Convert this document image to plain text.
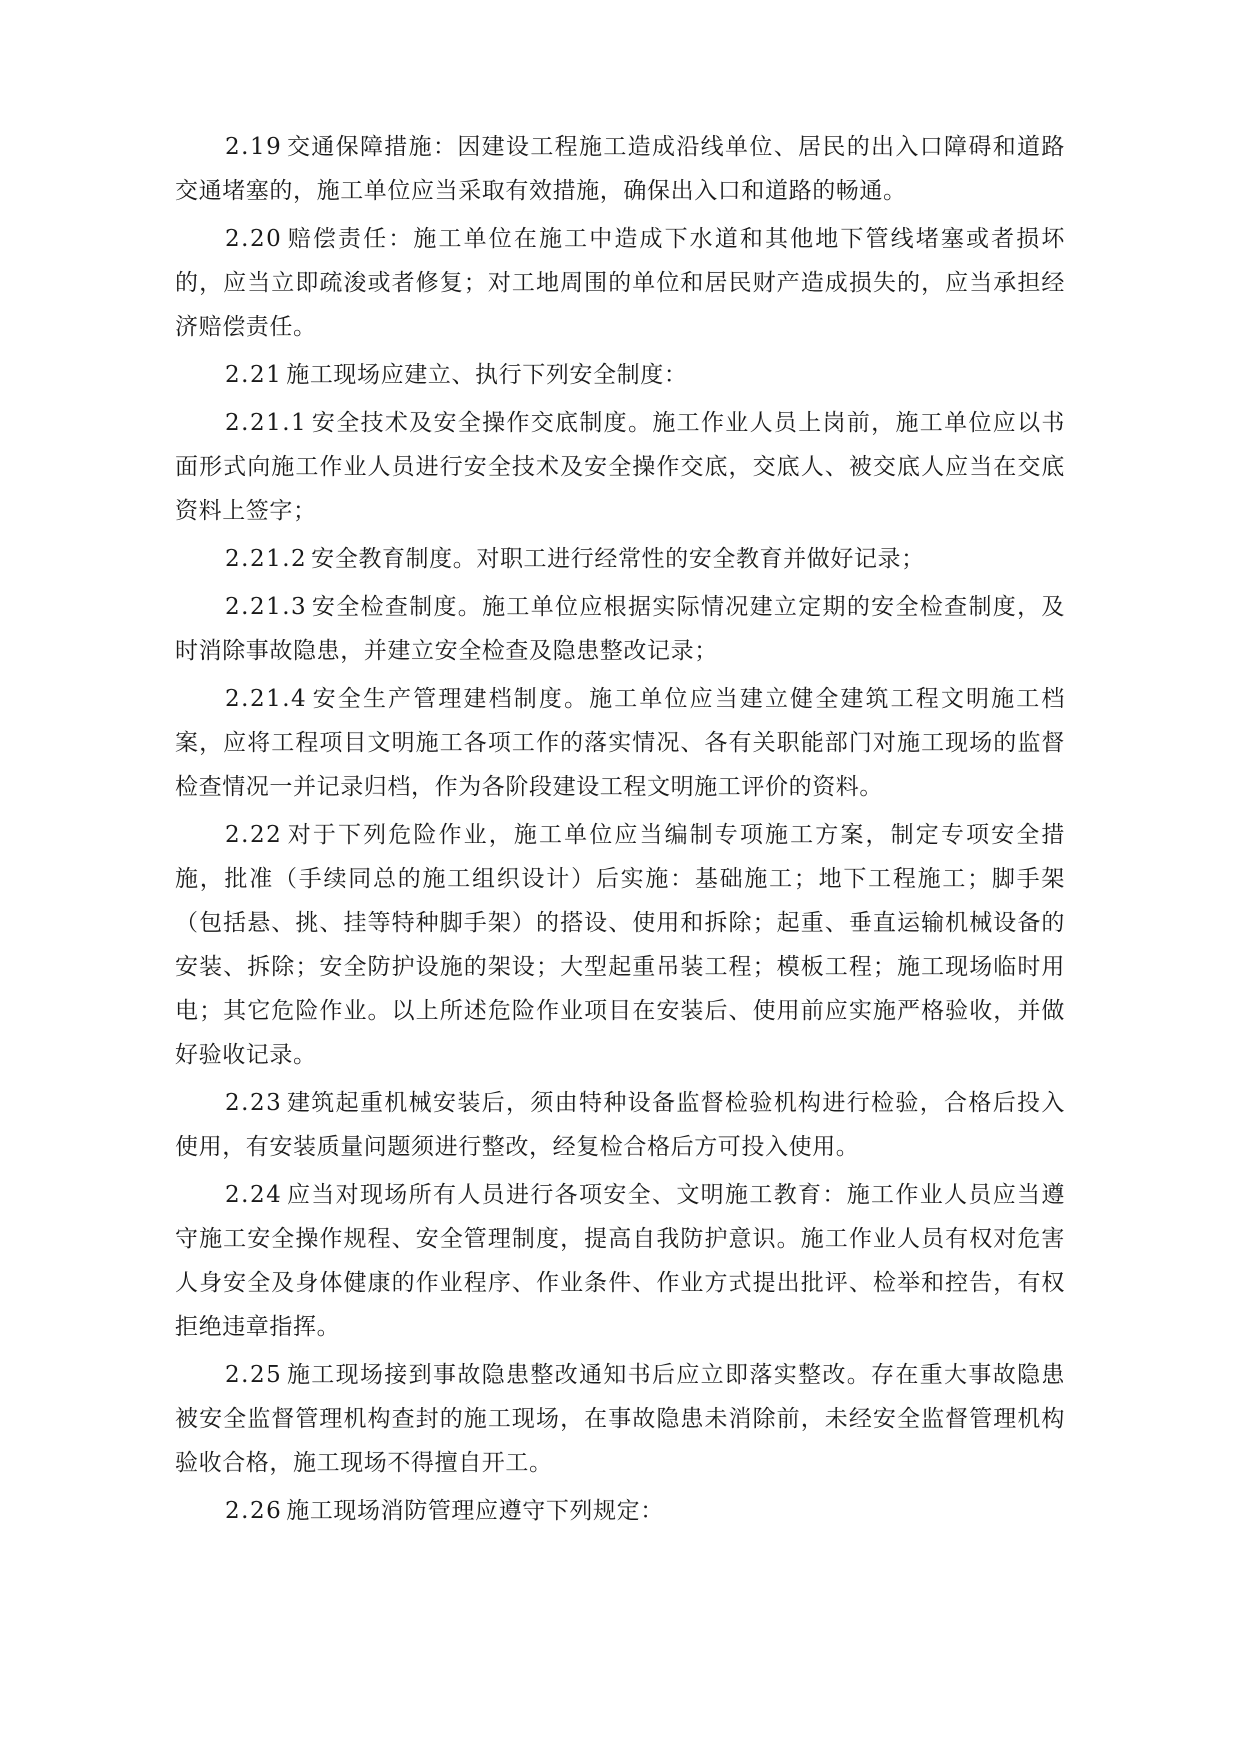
2.19 交通保障措施：因建设工程施工造成沿线单位、居民的出入口障碍和道路交通堵塞的，施工单位应当采取有效措施，确保出入口和道路的畅通。

2.20 赔偿责任：施工单位在施工中造成下水道和其他地下管线堵塞或者损坏的，应当立即疏浚或者修复；对工地周围的单位和居民财产造成损失的，应当承担经济赔偿责任。

2.21 施工现场应建立、执行下列安全制度：

2.21.1 安全技术及安全操作交底制度。施工作业人员上岗前，施工单位应以书面形式向施工作业人员进行安全技术及安全操作交底，交底人、被交底人应当在交底资料上签字；

2.21.2 安全教育制度。对职工进行经常性的安全教育并做好记录；

2.21.3 安全检查制度。施工单位应根据实际情况建立定期的安全检查制度，及时消除事故隐患，并建立安全检查及隐患整改记录；

2.21.4 安全生产管理建档制度。施工单位应当建立健全建筑工程文明施工档案，应将工程项目文明施工各项工作的落实情况、各有关职能部门对施工现场的监督检查情况一并记录归档，作为各阶段建设工程文明施工评价的资料。

2.22 对于下列危险作业，施工单位应当编制专项施工方案，制定专项安全措施，批准（手续同总的施工组织设计）后实施：基础施工；地下工程施工；脚手架（包括悬、挑、挂等特种脚手架）的搭设、使用和拆除；起重、垂直运输机械设备的安装、拆除；安全防护设施的架设；大型起重吊装工程；模板工程；施工现场临时用电；其它危险作业。以上所述危险作业项目在安装后、使用前应实施严格验收，并做好验收记录。

2.23 建筑起重机械安装后，须由特种设备监督检验机构进行检验，合格后投入使用，有安装质量问题须进行整改，经复检合格后方可投入使用。

2.24 应当对现场所有人员进行各项安全、文明施工教育：施工作业人员应当遵守施工安全操作规程、安全管理制度，提高自我防护意识。施工作业人员有权对危害人身安全及身体健康的作业程序、作业条件、作业方式提出批评、检举和控告，有权拒绝违章指挥。

2.25 施工现场接到事故隐患整改通知书后应立即落实整改。存在重大事故隐患被安全监督管理机构查封的施工现场，在事故隐患未消除前，未经安全监督管理机构验收合格，施工现场不得擅自开工。

2.26 施工现场消防管理应遵守下列规定：
